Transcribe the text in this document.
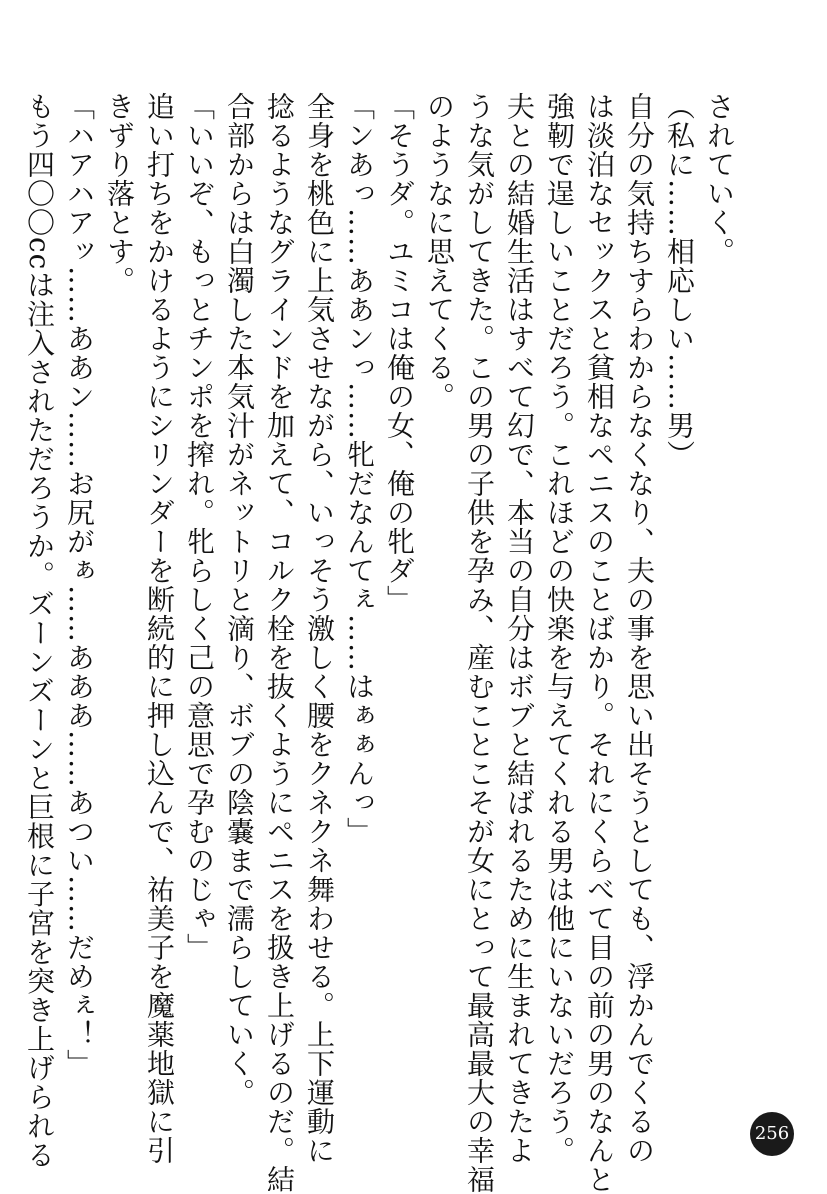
されていく。

（私に……相応しい……男）

自分の気持ちすらわからなくなり、夫の事を思い出そうとしても、浮かんでくるの

は淡泊なセックスと貧相なペニスのことばかり。それにくらべて目の前の男のなんと

強靭で逞しいことだろう。これほどの快楽を与えてくれる男は他にいないだろう。

夫との結婚生活はすべて幻で、本当の自分はボブと結ばれるために生まれてきたよ

うな気がしてきた。この男の子供を孕み、産むことこそが女にとって最高最大の幸福

のようなに思えてくる。

「そうダ。ユミコは俺の女、俺の牝ダ」

「ンあっ……ああンっ……牝だなんてぇ……はぁぁんっ」

全身を桃色に上気させながら、いっそう激しく腰をクネクネ舞わせる。上下運動に

捻るようなグラインドを加えて、コルク栓を抜くようにペニスを扱き上げるのだ。結

合部からは白濁した本気汁がネットリと滴り、ボブの陰嚢まで濡らしていく。

「いいぞ、もっとチンポを搾れ。牝らしく己の意思で孕むのじゃ」

追い打ちをかけるようにシリンダーを断続的に押し込んで、祐美子を魔薬地獄に引

きずり落とす。

「ハアハアッ……ああン……お尻がぁ……あああ……あつい……だめぇ！」

もう四〇〇ccは注入されただろうか。ズーンズーンと巨根に子宮を突き上げられる	256
